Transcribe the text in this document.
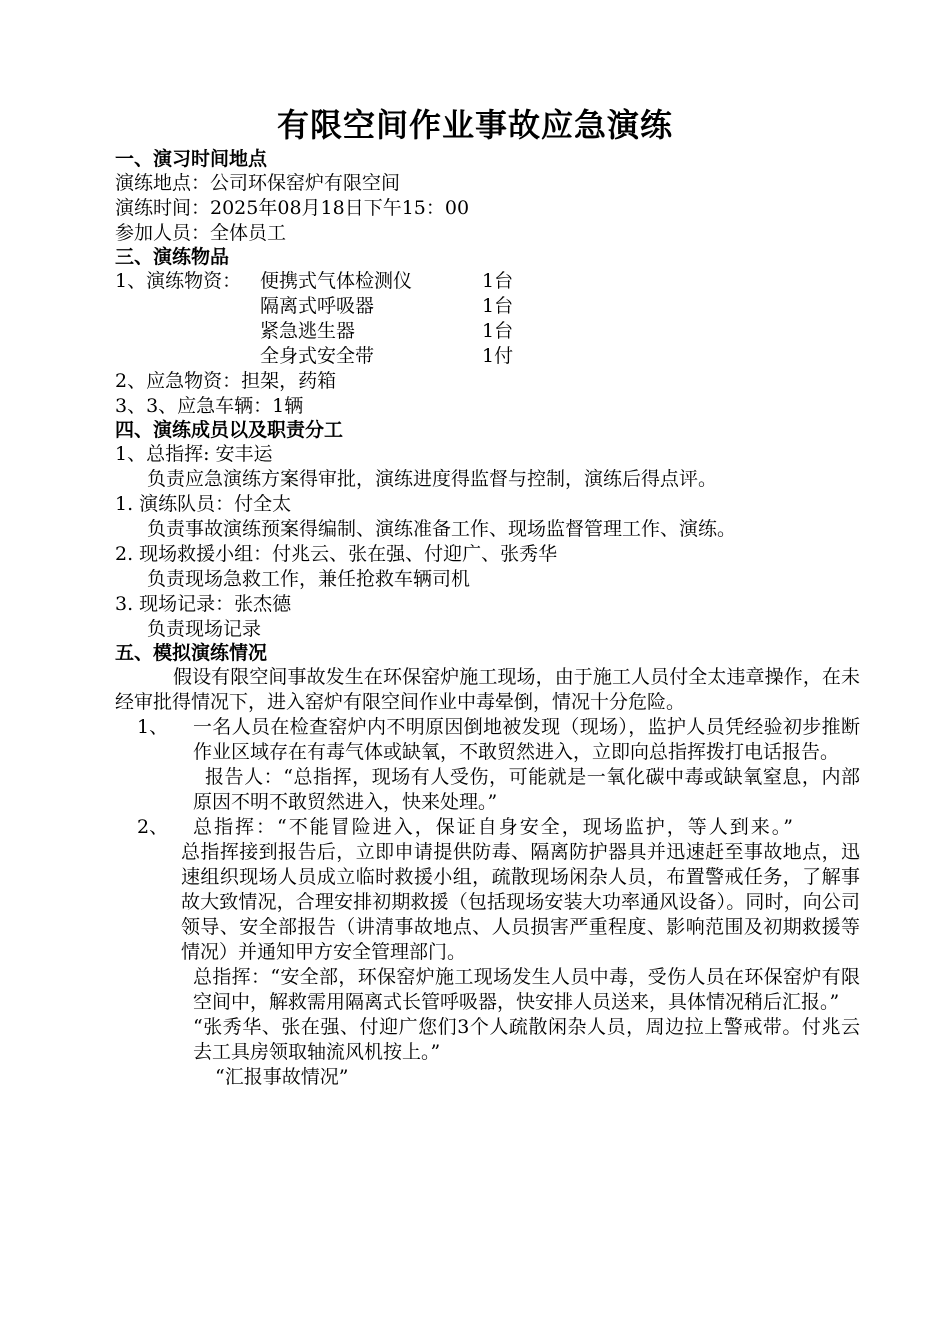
有限空间作业事故应急演练
一、演习时间地点
演练地点：公司环保窑炉有限空间
演练时间：2025年08月18日下午15：00
参加人员：全体员工
三、演练物品
1、演练物资： 便携式气体检测仪	1台
隔离式呼吸器	1台
紧急逃生器	1台
全身式安全带	1付
2、应急物资：担架，药箱
3、3、应急车辆：1辆
四、演练成员以及职责分工
1、总指挥: 安丰运
负责应急演练方案得审批，演练进度得监督与控制，演练后得点评。
1. 演练队员：付全太
负责事故演练预案得编制、演练准备工作、现场监督管理工作、演练。
2. 现场救援小组：付兆云、张在强、付迎广、张秀华
负责现场急救工作，兼任抢救车辆司机
3. 现场记录：张杰德
负责现场记录
五、模拟演练情况
假设有限空间事故发生在环保窑炉施工现场，由于施工人员付全太违章操作，在未经审批得情况下，进入窑炉有限空间作业中毒晕倒，情况十分危险。
1、 一名人员在检查窑炉内不明原因倒地被发现（现场），监护人员凭经验初步推断作业区域存在有毒气体或缺氧，不敢贸然进入，立即向总指挥拨打电话报告。
报告人：“总指挥，现场有人受伤，可能就是一氧化碳中毒或缺氧窒息，内部原因不明不敢贸然进入，快来处理。”
2、 总指挥：“不能冒险进入，保证自身安全，现场监护，等人到来。”
总指挥接到报告后，立即申请提供防毒、隔离防护器具并迅速赶至事故地点，迅速组织现场人员成立临时救援小组，疏散现场闲杂人员，布置警戒任务，了解事故大致情况，合理安排初期救援（包括现场安装大功率通风设备）。同时，向公司领导、安全部报告（讲清事故地点、人员损害严重程度、影响范围及初期救援等情况）并通知甲方安全管理部门。
总指挥：“安全部，环保窑炉施工现场发生人员中毒，受伤人员在环保窑炉有限空间中，解救需用隔离式长管呼吸器，快安排人员送来，具体情况稍后汇报。”
“张秀华、张在强、付迎广您们3个人疏散闲杂人员，周边拉上警戒带。付兆云去工具房领取轴流风机按上。”
“汇报事故情况”
